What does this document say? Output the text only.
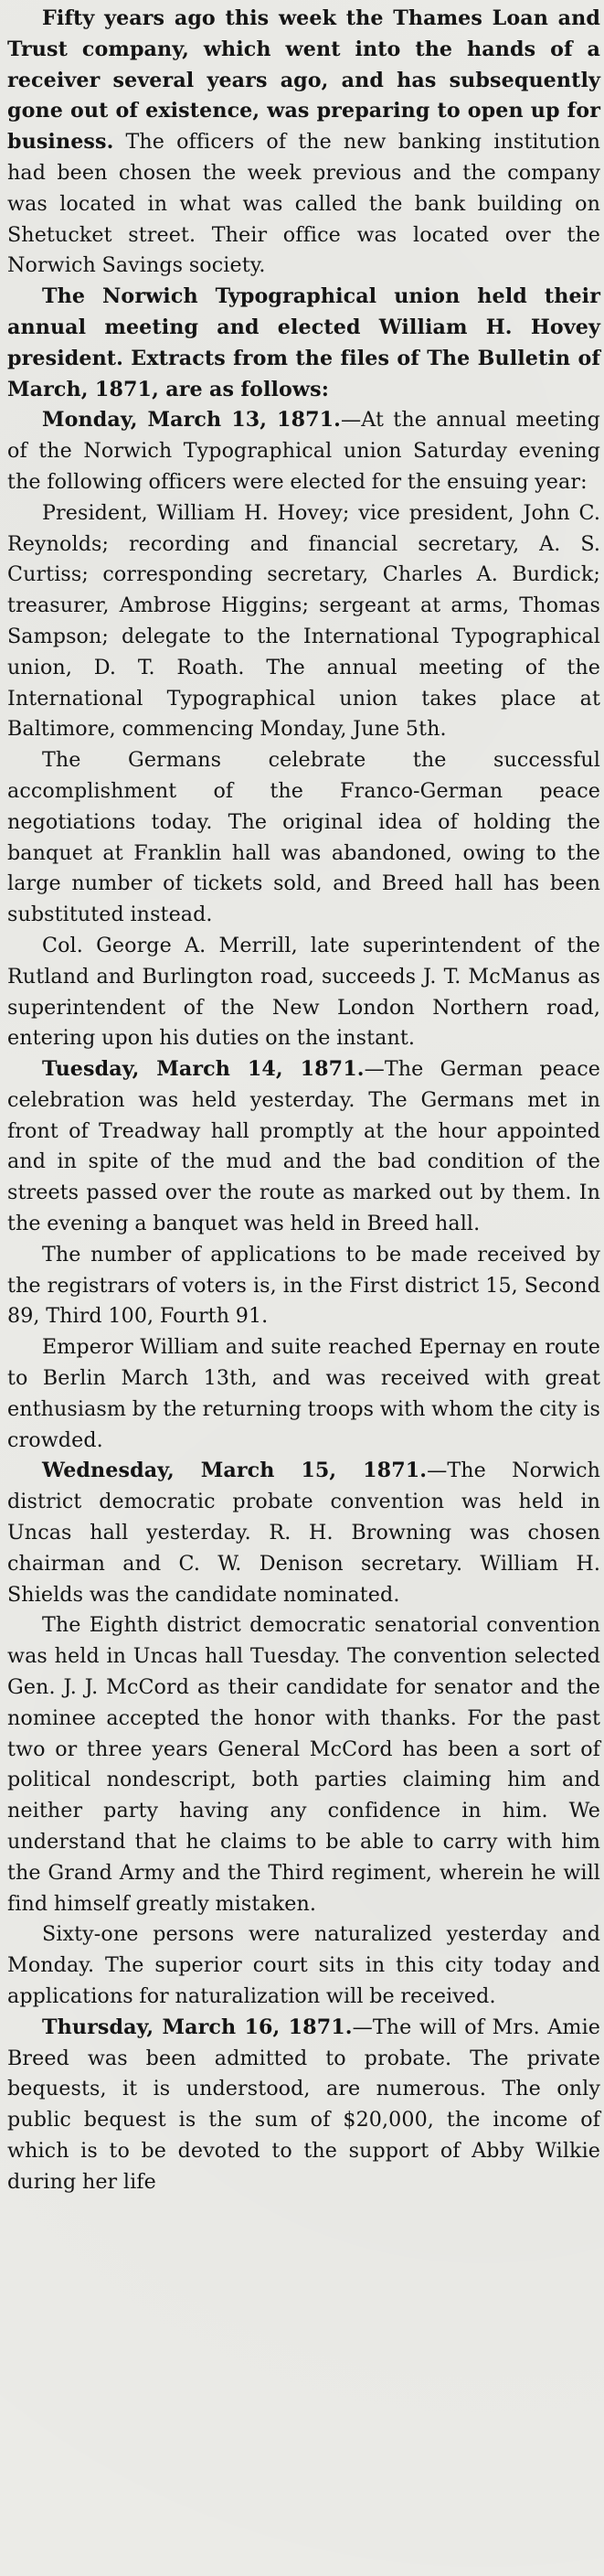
Fifty years ago this week the Thames Loan and Trust company, which went into the hands of a receiver several years ago, and has subsequently gone out of existence, was preparing to open up for business. The officers of the new banking institution had been chosen the week previous and the company was located in what was called the bank building on Shetucket street. Their office was located over the Norwich Savings society.

The Norwich Typographical union held their annual meeting and elected William H. Hovey president. Extracts from the files of The Bulletin of March, 1871, are as follows:

Monday, March 13, 1871.—At the annual meeting of the Norwich Typographical union Saturday evening the following officers were elected for the ensuing year:

President, William H. Hovey; vice president, John C. Reynolds; recording and financial secretary, A. S. Curtiss; corresponding secretary, Charles A. Burdick; treasurer, Ambrose Higgins; sergeant at arms, Thomas Sampson; delegate to the International Typographical union, D. T. Roath. The annual meeting of the International Typographical union takes place at Baltimore, commencing Monday, June 5th.

The Germans celebrate the successful accomplishment of the Franco-German peace negotiations today. The original idea of holding the banquet at Franklin hall was abandoned, owing to the large number of tickets sold, and Breed hall has been substituted instead.

Col. George A. Merrill, late superintendent of the Rutland and Burlington road, succeeds J. T. McManus as superintendent of the New London Northern road, entering upon his duties on the instant.

Tuesday, March 14, 1871.—The German peace celebration was held yesterday. The Germans met in front of Treadway hall promptly at the hour appointed and in spite of the mud and the bad condition of the streets passed over the route as marked out by them. In the evening a banquet was held in Breed hall.

The number of applications to be made received by the registrars of voters is, in the First district 15, Second 89, Third 100, Fourth 91.

Emperor William and suite reached Epernay en route to Berlin March 13th, and was received with great enthusiasm by the returning troops with whom the city is crowded.

Wednesday, March 15, 1871.—The Norwich district democratic probate convention was held in Uncas hall yesterday. R. H. Browning was chosen chairman and C. W. Denison secretary. William H. Shields was the candidate nominated.

The Eighth district democratic senatorial convention was held in Uncas hall Tuesday. The convention selected Gen. J. J. McCord as their candidate for senator and the nominee accepted the honor with thanks. For the past two or three years General McCord has been a sort of political nondescript, both parties claiming him and neither party having any confidence in him. We understand that he claims to be able to carry with him the Grand Army and the Third regiment, wherein he will find himself greatly mistaken.

Sixty-one persons were naturalized yesterday and Monday. The superior court sits in this city today and applications for naturalization will be received.

Thursday, March 16, 1871.—The will of Mrs. Amie Breed was been admitted to probate. The private bequests, it is understood, are numerous. The only public bequest is the sum of $20,000, the income of which is to be devoted to the support of Abby Wilkie during her life
